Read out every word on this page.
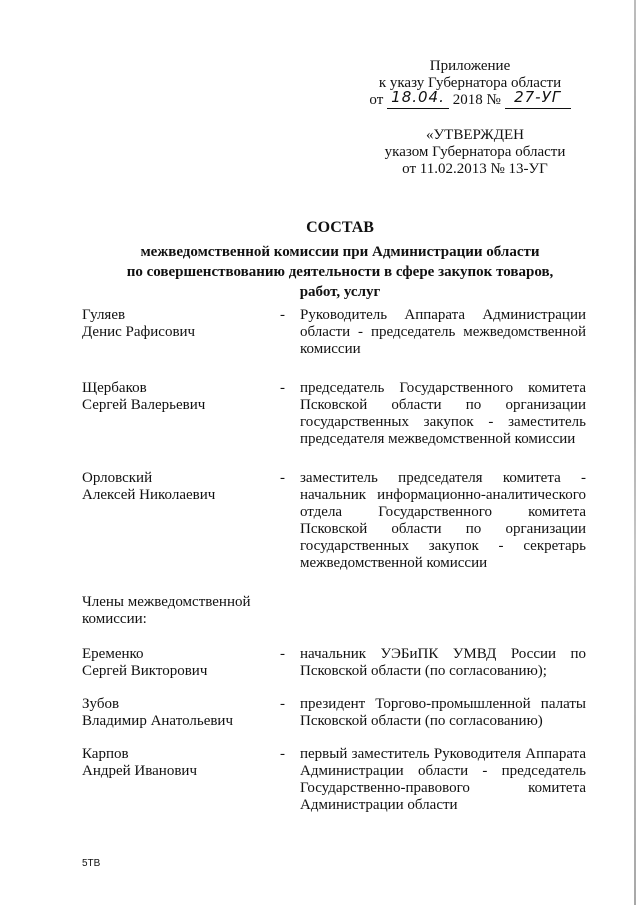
Приложение
к указу Губернатора области
от 18.04. 2018 № 27-УГ
«УТВЕРЖДЕН
указом Губернатора области
от 11.02.2013 № 13-УГ
СОСТАВ
межведомственной комиссии при Администрации области
по совершенствованию деятельности в сфере закупок товаров,
работ, услуг
Гуляев
Денис Рафисович
-	Руководитель Аппарата Администрации области - председатель межведомственной комиссии
Щербаков
Сергей Валерьевич
-	председатель Государственного комитета Псковской области по организации государственных закупок - заместитель председателя межведомственной комиссии
Орловский
Алексей Николаевич
-	заместитель председателя комитета - начальник информационно-аналитического отдела Государственного комитета Псковской области по организации государственных закупок - секретарь межведомственной комиссии
Члены межведомственной
комиссии:
Еременко
Сергей Викторович
-	начальник УЭБиПК УМВД России по Псковской области (по согласованию);
Зубов
Владимир Анатольевич
-	президент Торгово-промышленной палаты Псковской области (по согласованию)
Карпов
Андрей Иванович
-	первый заместитель Руководителя Аппарата Администрации области - председатель Государственно-правового комитета Администрации области
5ТВ
